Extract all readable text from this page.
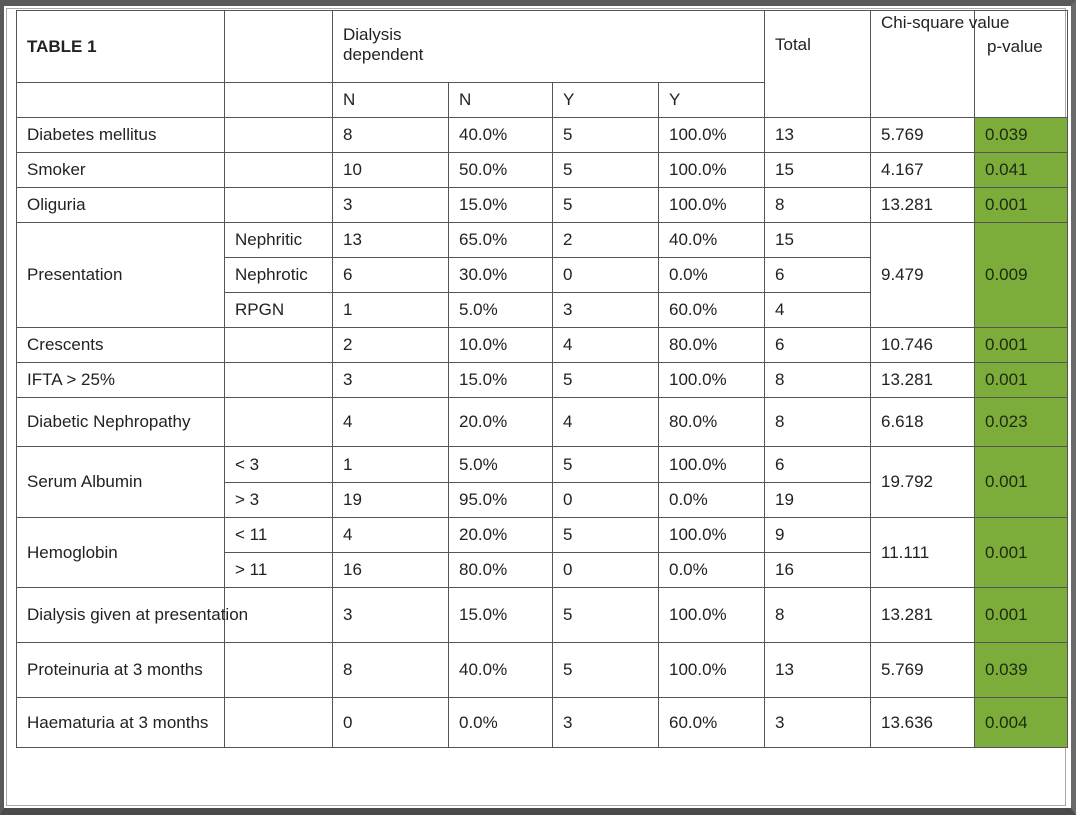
TABLE 1		Dialysis dependent				Total	Chi-square value	p-value
		N	N	Y	Y			
Diabetes mellitus		8	40.0%	5	100.0%	13	5.769	0.039
Smoker		10	50.0%	5	100.0%	15	4.167	0.041
Oliguria		3	15.0%	5	100.0%	8	13.281	0.001
Presentation	Nephritic	13	65.0%	2	40.0%	15	9.479	0.009
	Nephrotic	6	30.0%	0	0.0%	6		
	RPGN	1	5.0%	3	60.0%	4		
Crescents		2	10.0%	4	80.0%	6	10.746	0.001
IFTA > 25%		3	15.0%	5	100.0%	8	13.281	0.001
Diabetic Nephropathy		4	20.0%	4	80.0%	8	6.618	0.023
Serum Albumin	< 3	1	5.0%	5	100.0%	6	19.792	0.001
	> 3	19	95.0%	0	0.0%	19		
Hemoglobin	< 11	4	20.0%	5	100.0%	9	11.111	0.001
	> 11	16	80.0%	0	0.0%	16		
Dialysis given at presentation		3	15.0%	5	100.0%	8	13.281	0.001
Proteinuria at 3 months		8	40.0%	5	100.0%	13	5.769	0.039
Haematuria at 3 months		0	0.0%	3	60.0%	3	13.636	0.004
